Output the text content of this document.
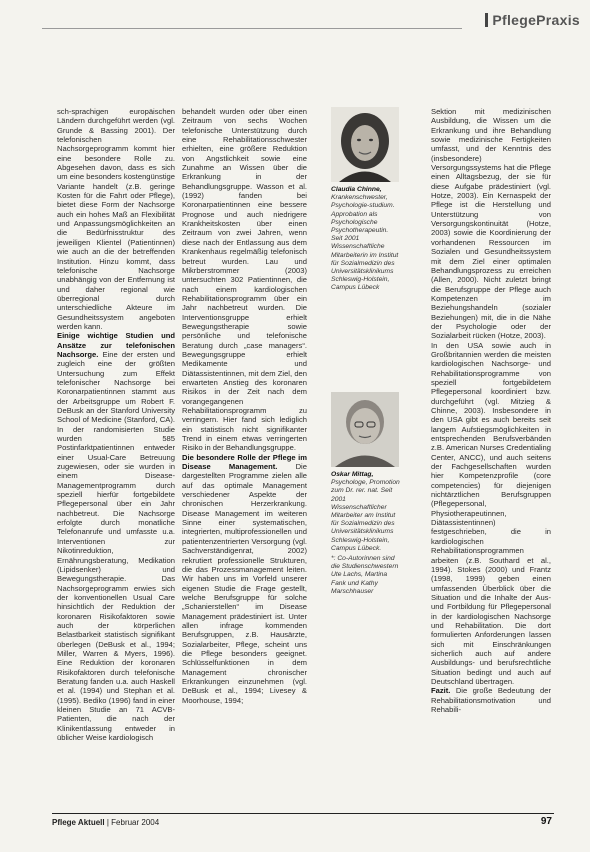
PflegePraxis

sch-sprachigen europäischen Ländern durchgeführt werden (vgl. Grunde & Bassing 2001). Der telefonischen Nachsorgeprogramm kommt hier eine besondere Rolle zu. Abgesehen davon, dass es sich um eine besonders kostengünstige Variante handelt (z.B. geringe Kosten für die Fahrt oder Pflege), bietet diese Form der Nachsorge auch ein hohes Maß an Flexibilität und Anpassungsmöglichkeiten an die Bedürfnisstruktur des jeweiligen Klientel (Patientinnen) wie auch an die der betreffenden Institution. Hinzu kommt, dass telefonische Nachsorge unabhängig von der Entfernung ist und daher regional wie überregional durch unterschiedliche Akteure im Gesundheitssystem angeboten werden kann.

Einige wichtige Studien und Ansätze zur telefonischen Nachsorge. Eine der ersten und zugleich eine der größten Untersuchung zum Effekt telefonischer Nachsorge bei Koronarpatientinnen stammt aus der Arbeitsgruppe um Robert F. DeBusk an der Stanford University School of Medicine (Stanford, CA). In der randomisierten Studie wurden 585 Postinfarktpatientinnen entweder einer Usual-Care Betreuung zugewiesen, oder sie wurden in einem Disease-Managementprogramm durch speziell hierfür fortgebildete Pflegepersonal über ein Jahr nachbetreut. Die Nachsorge erfolgte durch monatliche Telefonanrufe und umfasste u.a. Interventionen zur Nikotinreduktion, Ernährungsberatung, Medikation (Lipidsenker) und Bewegungstherapie. Das Nachsorgeprogramm erwies sich der konventionellen Usual Care hinsichtlich der Reduktion der koronaren Risikofaktoren sowie auch der körperlichen Belastbarkeit statistisch signifikant überlegen (DeBusk et al., 1994; Miller, Warren & Myers, 1996). Eine Reduktion der koronaren Risikofaktoren durch telefonische Beratung fanden u.a. auch Haskell et al. (1994) und Stephan et al. (1995). Bediko (1996) fand in einer kleinen Studie an 71 ACVB-Patienten, die nach der Klinikentlassung entweder in üblicher Weise kardiologisch

behandelt wurden oder über einen Zeitraum von sechs Wochen telefonische Unterstützung durch eine Rehabilitationsschwester erhielten, eine größere Reduktion von Angstlichkeit sowie eine Zunahme an Wissen über die Erkrankung in der Behandlungsgruppe. Wasson et al. (1992) fanden bei Koronarpatientinnen eine bessere Prognose und auch niedrigere Krankheitskosten über einen Zeitraum von zwei Jahren, wenn diese nach der Entlassung aus dem Krankenhaus regelmäßig telefonisch betreut wurden. Lau und Mikrberstrommer (2003) untersuchten 302 Patientinnen, die nach einem kardiologischen Rehabilitationsprogramm über ein Jahr nachbetreut wurden. Die Interventionsgruppe erhielt Bewegungstherapie sowie persönliche und telefonische Beratung durch „case managers“. Bewegungsgruppe erhielt Medikamente und Diätassistentinnen, mit dem Ziel, den erwarteten Anstieg des koronaren Risikos in der Zeit nach dem vorangegangenen Rehabilitationsprogramm zu verringern. Hier fand sich lediglich ein statistisch nicht signifikanter Trend in einem etwas verringerten Risiko in der Behandlungsgruppe.

Die besondere Rolle der Pflege im Disease Management. Die dargestellten Programme zielen alle auf das optimale Management verschiedener Aspekte der chronischen Herzerkrankung. Disease Management im weiteren Sinne einer systematischen, integrierten, multiprofessionellen und patientenzentrierten Versorgung (vgl. Sachverständigenrat, 2002) rekrutiert professionelle Strukturen, die das Prozessmanagement leiten. Wir haben uns im Vorfeld unserer eigenen Studie die Frage gestellt, welche Berufsgruppe für solche „Schanierstellen“ im Disease Management prädestiniert ist. Unter allen infrage kommenden Berufsgruppen, z.B. Hausärzte, Sozialarbeiter, Pflege, scheint uns die Pflege besonders geeignet. Schlüsselfunktionen in dem Management chronischer Erkrankungen einzunehmen (vgl. DeBusk et al., 1994; Livesey & Moorhouse, 1994;

Claudia Chinne, Krankenschwester, Psychologie-studium. Approbation als Psychologische Psychotherapeutin. Seit 2001 Wissenschaftliche Mitarbeiterin im Institut für Sozialmedizin des Universitätsklinikums Schleswig-Holstein, Campus Lübeck
Oskar Mittag, Psychologe, Promotion zum Dr. rer. nat. Seit 2001 Wissenschaftlicher Mitarbeiter am Institut für Sozialmedizin des Universitätsklinikums Schleswig-Holstein, Campus Lübeck.
*: Co-Autorinnen sind die Studienschwestern Ute Lachs, Martina Fank und Kathy Marschhauser

Sektion mit medizinischen Ausbildung, die Wissen um die Erkrankung und ihre Behandlung sowie medizinische Fertigkeiten umfasst, und der Kenntnis des (insbesondere) Versorgungssystems hat die Pflege einen Alltagsbezug, der sie für diese Aufgabe prädestiniert (vgl. Hotze, 2003). Ein Kernaspekt der Pflege ist die Herstellung und Unterstützung von Versorgungskontinuität (Hotze, 2003) sowie die Koordinierung der vorhandenen Ressourcen im Sozialen und Gesundheitssystem mit dem Ziel einer optimalen Behandlungsprozess zu erreichen (Allen, 2000). Nicht zuletzt bringt die Berufsgruppe der Pflege auch Kompetenzen im Beziehungshandeln (sozialer Beziehungen) mit, die in die Nähe der Psychologie oder der Sozialarbeit rücken (Hotze, 2003).

In den USA sowie auch in Großbritannien werden die meisten kardiologischen Nachsorge- und Rehabilitationsprogramme von speziell fortgebildetem Pflegepersonal koordiniert bzw. durchgeführt (vgl. Mitzieg & Chinne, 2003). Insbesondere in den USA gibt es auch bereits seit langem Aufstiegsmöglichkeiten in entsprechenden Berufsverbänden z.B. American Nurses Credentialing Center, ANCC), und auch seitens der Fachgesellschaften wurden hier Kompetenzprofile (core competencies) für diejenigen nichtärztlichen Berufsgruppen (Pflegepersonal, Physiotherapeutinnen, Diätassistentinnen) festgeschrieben, die in kardiologischen Rehabilitationsprogrammen arbeiten (z.B. Southard et al., 1994). Stokes (2000) und Frantz (1998, 1999) geben einen umfassenden Überblick über die Situation und die Inhalte der Aus- und Fortbildung für Pflegepersonal in der kardiologischen Nachsorge und Rehabilitation. Die dort formulierten Anforderungen lassen sich mit Einschränkungen sicherlich auch auf andere Ausbildungs- und berufsrechtliche Situation bedingt und auch auf Deutschland übertragen.

Fazit. Die große Bedeutung der Rehabilitationsmotivation und Rehabili-

Pflege Aktuell | Februar 2004	97
